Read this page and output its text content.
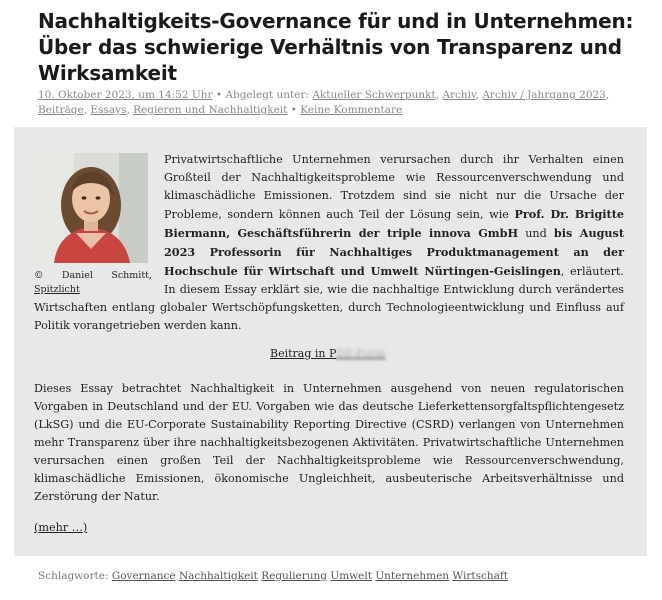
Nachhaltigkeits-Governance für und in Unternehmen: Über das schwierige Verhältnis von Transparenz und Wirksamkeit
10. Oktober 2023, um 14:52 Uhr • Abgelegt unter: Aktueller Schwerpunkt, Archiv, Archiv / Jahrgang 2023, Beiträge, Essays, Regieren und Nachhaltigkeit • Keine Kommentare

Privatwirtschaftliche Unternehmen verursachen durch ihr Verhalten einen Großteil der Nachhaltigkeitsprobleme wie Ressourcenverschwendung und klimaschädliche Emissionen. Trotzdem sind sie nicht nur die Ursache der Probleme, sondern können auch Teil der Lösung sein, wie Prof. Dr. Brigitte Biermann, Geschäftsführerin der triple innova GmbH und bis August 2023 Professorin für Nachhaltiges Produktmanagement an der Hochschule für Wirtschaft und Umwelt Nürtingen-Geislingen, erläutert. In diesem Essay erklärt sie, wie die nachhaltige Entwicklung durch verändertes Wirtschaften entlang globaler Wertschöpfungsketten, durch Technologieentwicklung und Einfluss auf Politik vorangetrieben werden kann.

© Daniel Schmitt,
Spitzlicht
Beitrag in PDF-Form

Dieses Essay betrachtet Nachhaltigkeit in Unternehmen ausgehend von neuen regulatorischen Vorgaben in Deutschland und der EU. Vorgaben wie das deutsche Lieferkettensorgfaltspflichtengesetz (LkSG) und die EU-Corporate Sustainability Reporting Directive (CSRD) verlangen von Unternehmen mehr Transparenz über ihre nachhaltigkeitsbezogenen Aktivitäten. Privatwirtschaftliche Unternehmen verursachen einen großen Teil der Nachhaltigkeitsprobleme wie Ressourcenverschwendung, klimaschädliche Emissionen, ökonomische Ungleichheit, ausbeuterische Arbeitsverhältnisse und Zerstörung der Natur.

(mehr …)
Schlagworte: Governance Nachhaltigkeit Regulierung Umwelt Unternehmen Wirtschaft
